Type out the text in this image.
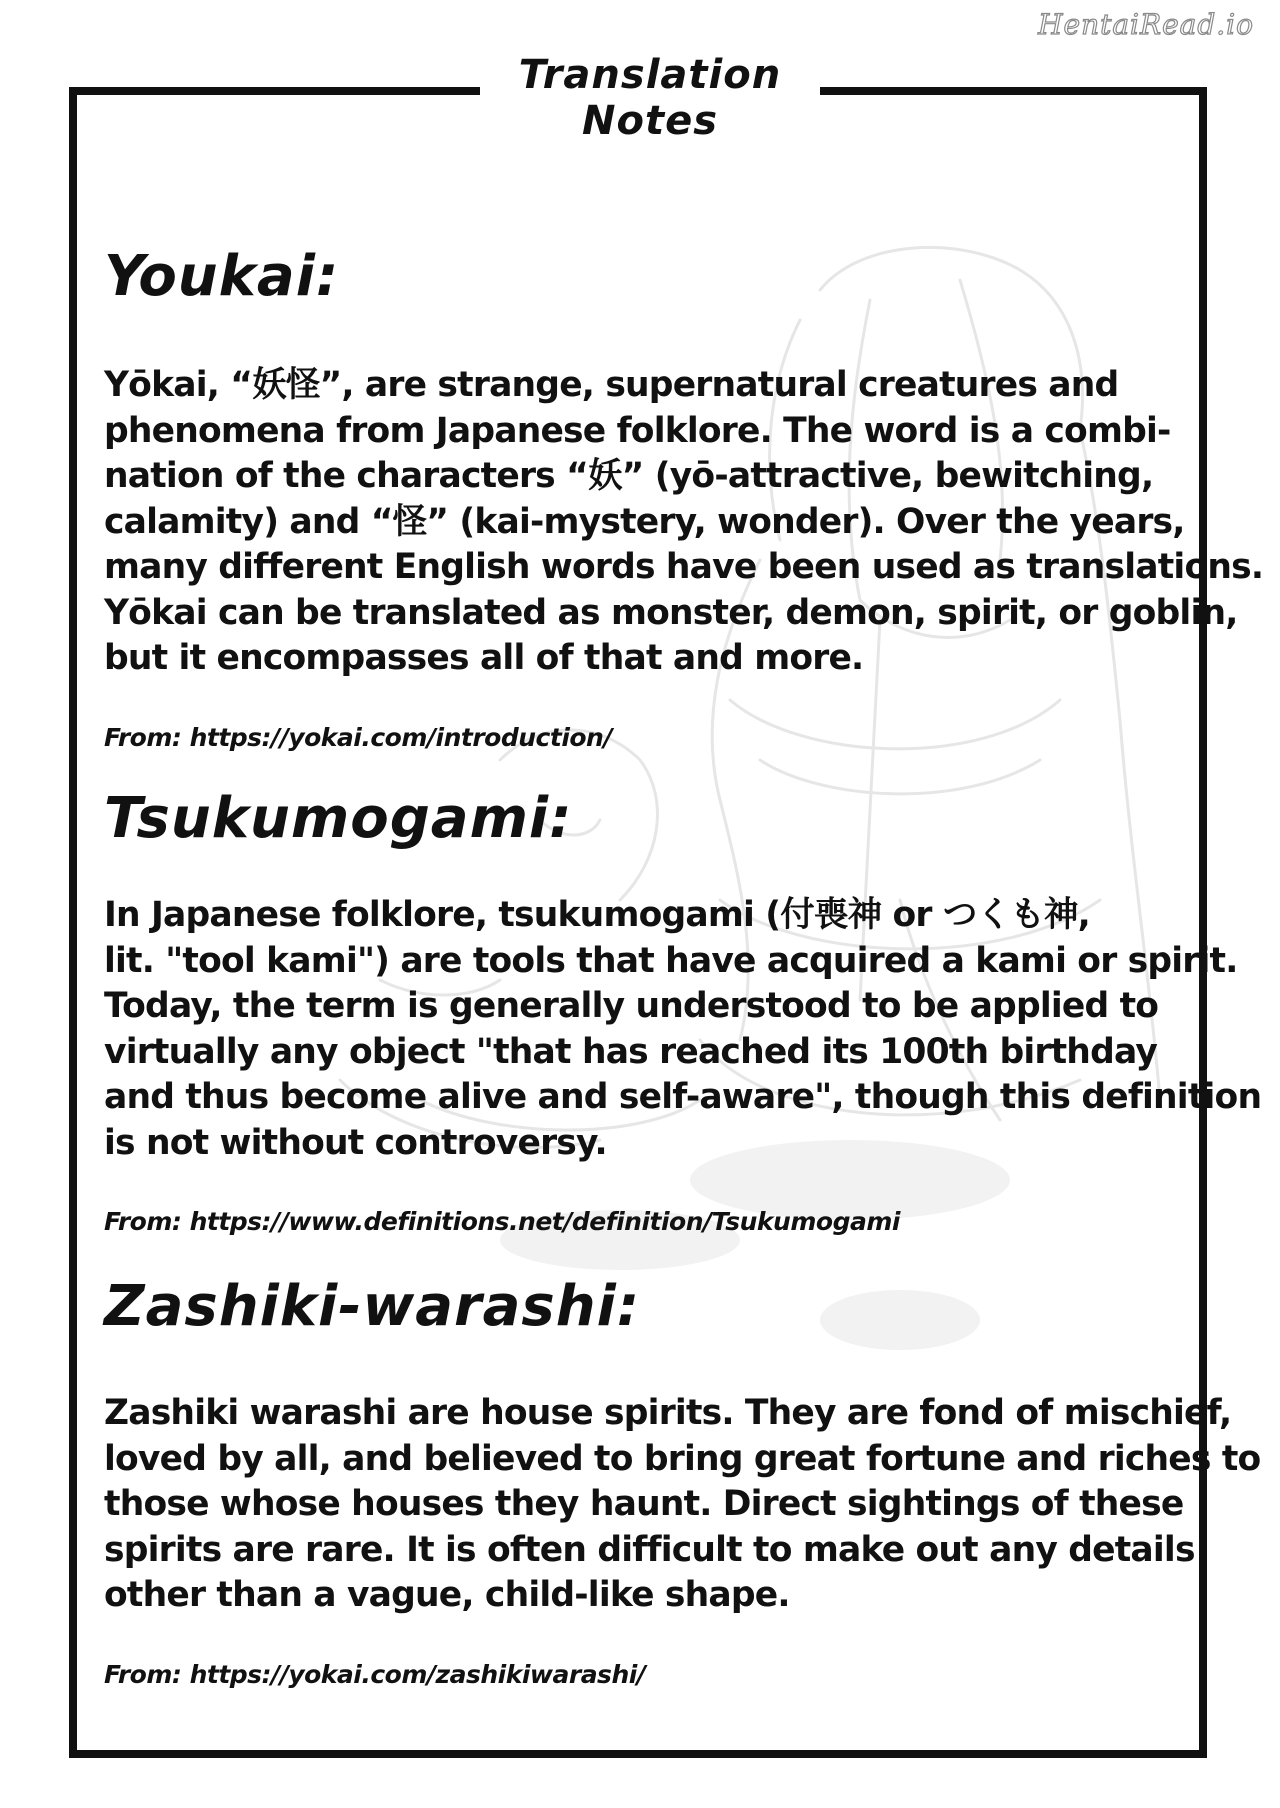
HentaiRead.io
Translation
Notes
Youkai:
Yōkai, “妖怪”, are strange, supernatural creatures and
phenomena from Japanese folklore. The word is a combi-
nation of the characters “妖” (yō-attractive, bewitching,
calamity) and “怪” (kai-mystery, wonder). Over the years,
many different English words have been used as translations.
Yōkai can be translated as monster, demon, spirit, or goblin,
but it encompasses all of that and more.
From: https://yokai.com/introduction/
Tsukumogami:
In Japanese folklore, tsukumogami (付喪神 or つくも神,
lit. "tool kami") are tools that have acquired a kami or spirit.
Today, the term is generally understood to be applied to
virtually any object "that has reached its 100th birthday
and thus become alive and self-aware", though this definition
is not without controversy.
From: https://www.definitions.net/definition/Tsukumogami
Zashiki-warashi:
Zashiki warashi are house spirits. They are fond of mischief,
loved by all, and believed to bring great fortune and riches to
those whose houses they haunt. Direct sightings of these
spirits are rare. It is often difficult to make out any details
other than a vague, child-like shape.
From: https://yokai.com/zashikiwarashi/
